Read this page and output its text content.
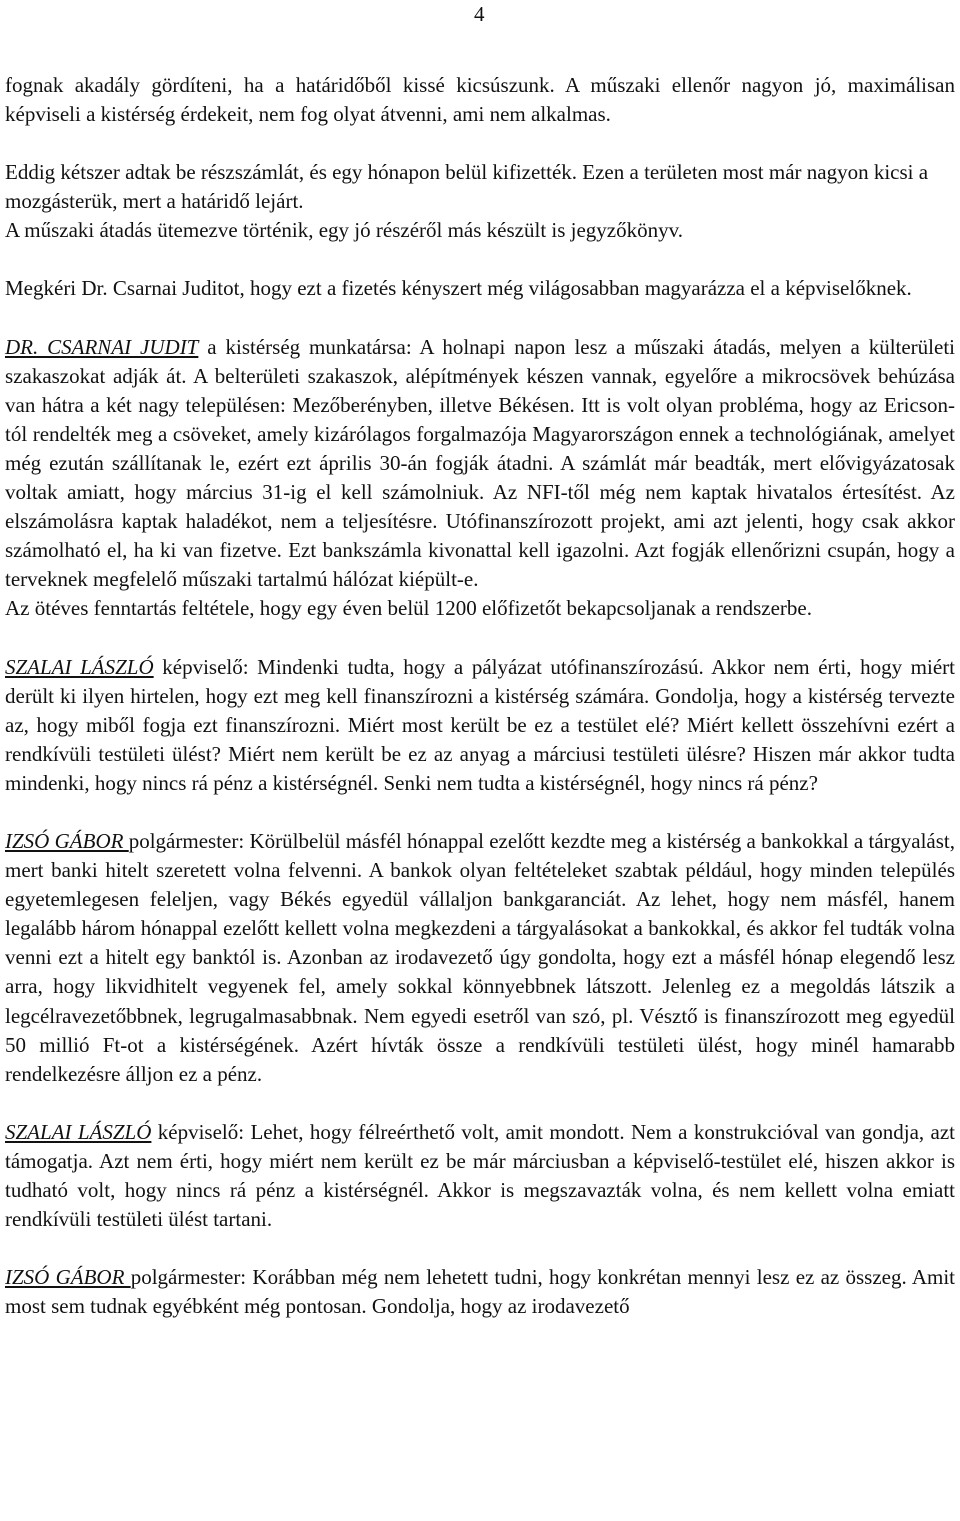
4

fognak akadály gördíteni, ha a határidőből kissé kicsúszunk. A műszaki ellenőr nagyon jó, maximálisan képviseli a kistérség érdekeit, nem fog olyat átvenni, ami nem alkalmas.

Eddig kétszer adtak be részszámlát, és egy hónapon belül kifizették. Ezen a területen most már nagyon kicsi a mozgásterük, mert a határidő lejárt.

A műszaki átadás ütemezve történik, egy jó részéről más készült is jegyzőkönyv.

Megkéri Dr. Csarnai Juditot, hogy ezt a fizetés kényszert még világosabban magyarázza el a képviselőknek.

DR. CSARNAI JUDIT a kistérség munkatársa: A holnapi napon lesz a műszaki átadás, melyen a külterületi szakaszokat adják át. A belterületi szakaszok, alépítmények készen vannak, egyelőre a mikrocsövek behúzása van hátra a két nagy településen: Mezőberényben, illetve Békésen. Itt is volt olyan probléma, hogy az Ericson-tól rendelték meg a csöveket, amely kizárólagos forgalmazója Magyarországon ennek a technológiának, amelyet még ezután szállítanak le, ezért ezt április 30-án fogják átadni. A számlát már beadták, mert elővigyázatosak voltak amiatt, hogy március 31-ig el kell számolniuk. Az NFI-től még nem kaptak hivatalos értesítést. Az elszámolásra kaptak haladékot, nem a teljesítésre. Utófinanszírozott projekt, ami azt jelenti, hogy csak akkor számolható el, ha ki van fizetve. Ezt bankszámla kivonattal kell igazolni. Azt fogják ellenőrizni csupán, hogy a terveknek megfelelő műszaki tartalmú hálózat kiépült-e.

Az ötéves fenntartás feltétele, hogy egy éven belül 1200 előfizetőt bekapcsoljanak a rendszerbe.

SZALAI LÁSZLÓ képviselő: Mindenki tudta, hogy a pályázat utófinanszírozású. Akkor nem érti, hogy miért derült ki ilyen hirtelen, hogy ezt meg kell finanszírozni a kistérség számára. Gondolja, hogy a kistérség tervezte az, hogy miből fogja ezt finanszírozni. Miért most került be ez a testület elé? Miért kellett összehívni ezért a rendkívüli testületi ülést? Miért nem került be ez az anyag a márciusi testületi ülésre? Hiszen már akkor tudta mindenki, hogy nincs rá pénz a kistérségnél. Senki nem tudta a kistérségnél, hogy nincs rá pénz?

IZSÓ GÁBOR polgármester: Körülbelül másfél hónappal ezelőtt kezdte meg a kistérség a bankokkal a tárgyalást, mert banki hitelt szeretett volna felvenni. A bankok olyan feltételeket szabtak például, hogy minden település egyetemlegesen feleljen, vagy Békés egyedül vállaljon bankgaranciát. Az lehet, hogy nem másfél, hanem legalább három hónappal ezelőtt kellett volna megkezdeni a tárgyalásokat a bankokkal, és akkor fel tudták volna venni ezt a hitelt egy banktól is. Azonban az irodavezető úgy gondolta, hogy ezt a másfél hónap elegendő lesz arra, hogy likvidhitelt vegyenek fel, amely sokkal könnyebbnek látszott. Jelenleg ez a megoldás látszik a legcélravezetőbbnek, legrugalmasabbnak. Nem egyedi esetről van szó, pl. Vésztő is finanszírozott meg egyedül 50 millió Ft-ot a kistérségének. Azért hívták össze a rendkívüli testületi ülést, hogy minél hamarabb rendelkezésre álljon ez a pénz.

SZALAI LÁSZLÓ képviselő: Lehet, hogy félreérthető volt, amit mondott. Nem a konstrukcióval van gondja, azt támogatja. Azt nem érti, hogy miért nem került ez be már márciusban a képviselő-testület elé, hiszen akkor is tudható volt, hogy nincs rá pénz a kistérségnél. Akkor is megszavazták volna, és nem kellett volna emiatt rendkívüli testületi ülést tartani.

IZSÓ GÁBOR polgármester: Korábban még nem lehetett tudni, hogy konkrétan mennyi lesz ez az összeg. Amit most sem tudnak egyébként még pontosan. Gondolja, hogy az irodavezető
